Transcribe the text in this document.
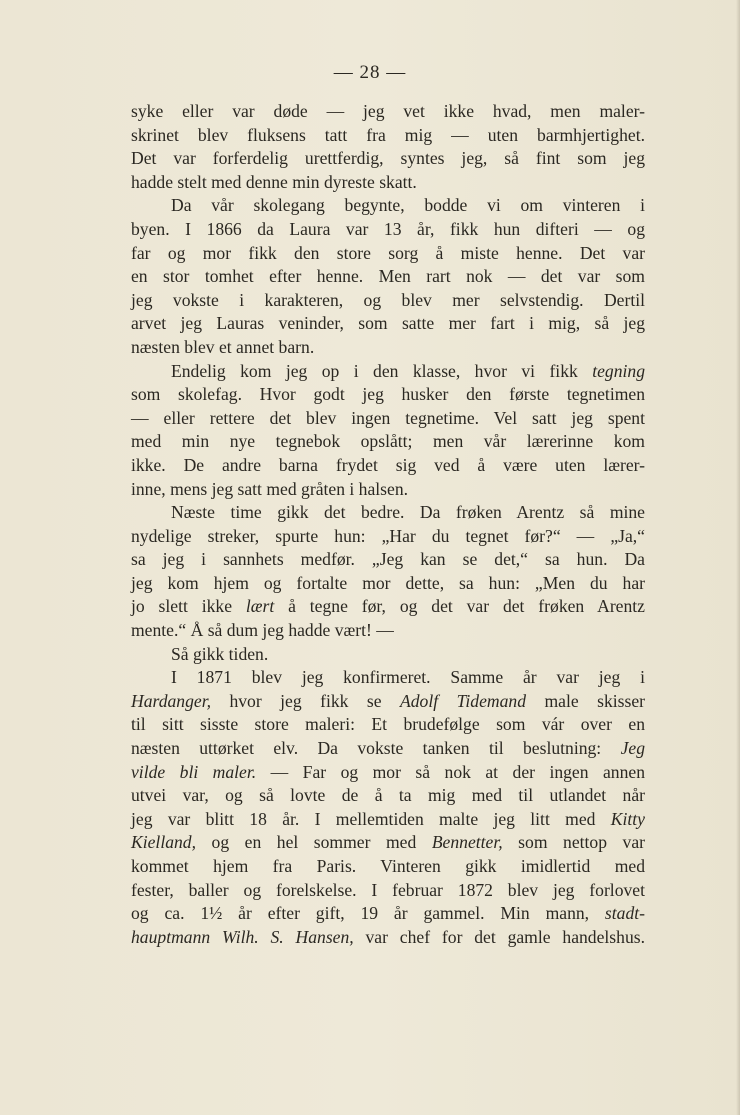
— 28 —
syke eller var døde — jeg vet ikke hvad, men maler-
skrinet blev fluksens tatt fra mig — uten barmhjertighet.
Det var forferdelig urettferdig, syntes jeg, så fint som jeg
hadde stelt med denne min dyreste skatt.
Da vår skolegang begynte, bodde vi om vinteren i
byen. I 1866 da Laura var 13 år, fikk hun difteri — og
far og mor fikk den store sorg å miste henne. Det var
en stor tomhet efter henne. Men rart nok — det var som
jeg vokste i karakteren, og blev mer selvstendig. Dertil
arvet jeg Lauras veninder, som satte mer fart i mig, så jeg
næsten blev et annet barn.
Endelig kom jeg op i den klasse, hvor vi fikk tegning
som skolefag. Hvor godt jeg husker den første tegnetimen
— eller rettere det blev ingen tegnetime. Vel satt jeg spent
med min nye tegnebok opslått; men vår lærerinne kom
ikke. De andre barna frydet sig ved å være uten lærer-
inne, mens jeg satt med gråten i halsen.
Næste time gikk det bedre. Da frøken Arentz så mine
nydelige streker, spurte hun: „Har du tegnet før?“ — „Ja,“
sa jeg i sannhets medfør. „Jeg kan se det,“ sa hun. Da
jeg kom hjem og fortalte mor dette, sa hun: „Men du har
jo slett ikke lært å tegne før, og det var det frøken Arentz
mente.“ Å så dum jeg hadde vært! —
Så gikk tiden.
I 1871 blev jeg konfirmeret. Samme år var jeg i
Hardanger, hvor jeg fikk se Adolf Tidemand male skisser
til sitt sisste store maleri: Et brudefølge som vár over en
næsten uttørket elv. Da vokste tanken til beslutning: Jeg
vilde bli maler. — Far og mor så nok at der ingen annen
utvei var, og så lovte de å ta mig med til utlandet når
jeg var blitt 18 år. I mellemtiden malte jeg litt med Kitty
Kielland, og en hel sommer med Bennetter, som nettop var
kommet hjem fra Paris. Vinteren gikk imidlertid med
fester, baller og forelskelse. I februar 1872 blev jeg forlovet
og ca. 1½ år efter gift, 19 år gammel. Min mann, stadt-
hauptmann Wilh. S. Hansen, var chef for det gamle handelshus.
